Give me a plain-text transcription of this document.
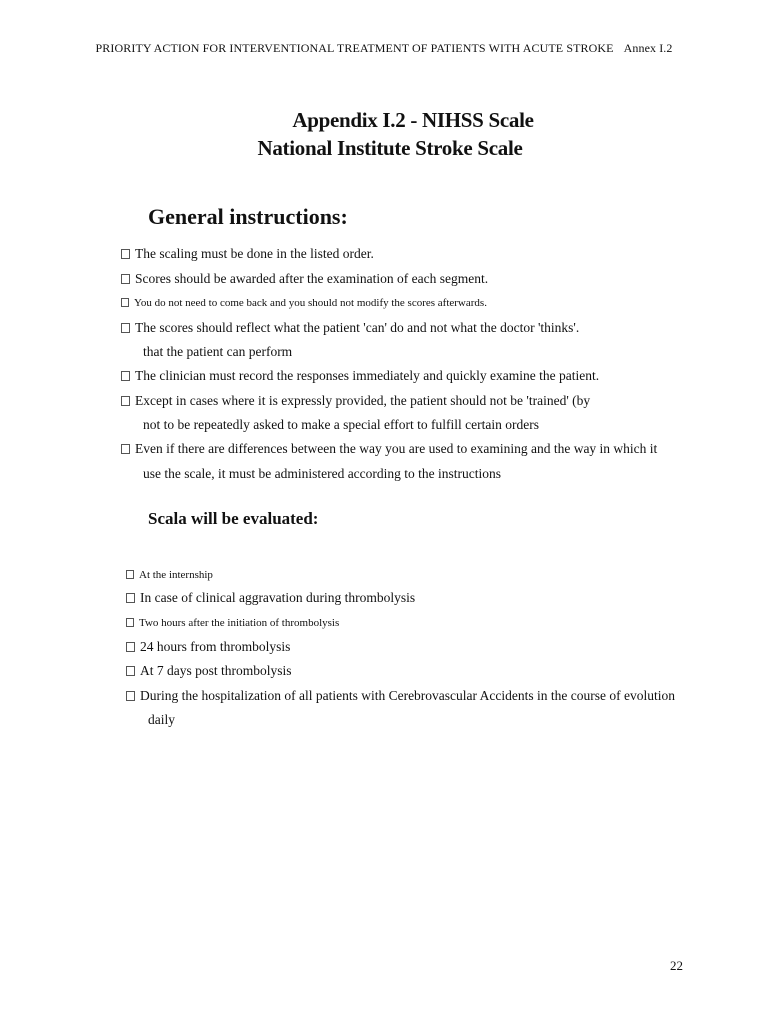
PRIORITY ACTION FOR INTERVENTIONAL TREATMENT OF PATIENTS WITH ACUTE STROKE Annex I.2
Appendix I.2 - NIHSS Scale
National Institute Stroke Scale
General instructions:
The scaling must be done in the listed order.
Scores should be awarded after the examination of each segment.
You do not need to come back and you should not modify the scores afterwards.
The scores should reflect what the patient 'can' do and not what the doctor 'thinks'.
that the patient can perform
The clinician must record the responses immediately and quickly examine the patient.
Except in cases where it is expressly provided, the patient should not be 'trained' (by
not to be repeatedly asked to make a special effort to fulfill certain orders
Even if there are differences between the way you are used to examining and the way in which it
use the scale, it must be administered according to the instructions
Scala will be evaluated:
At the internship
In case of clinical aggravation during thrombolysis
Two hours after the initiation of thrombolysis
24 hours from thrombolysis
At 7 days post thrombolysis
During the hospitalization of all patients with Cerebrovascular Accidents in the course of evolution
daily
22
